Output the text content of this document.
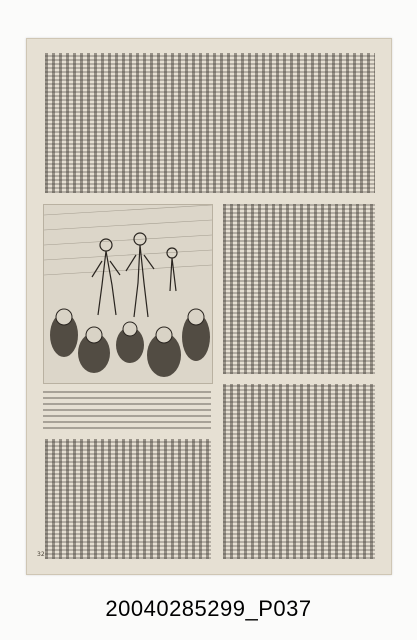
32
20040285299_P037
